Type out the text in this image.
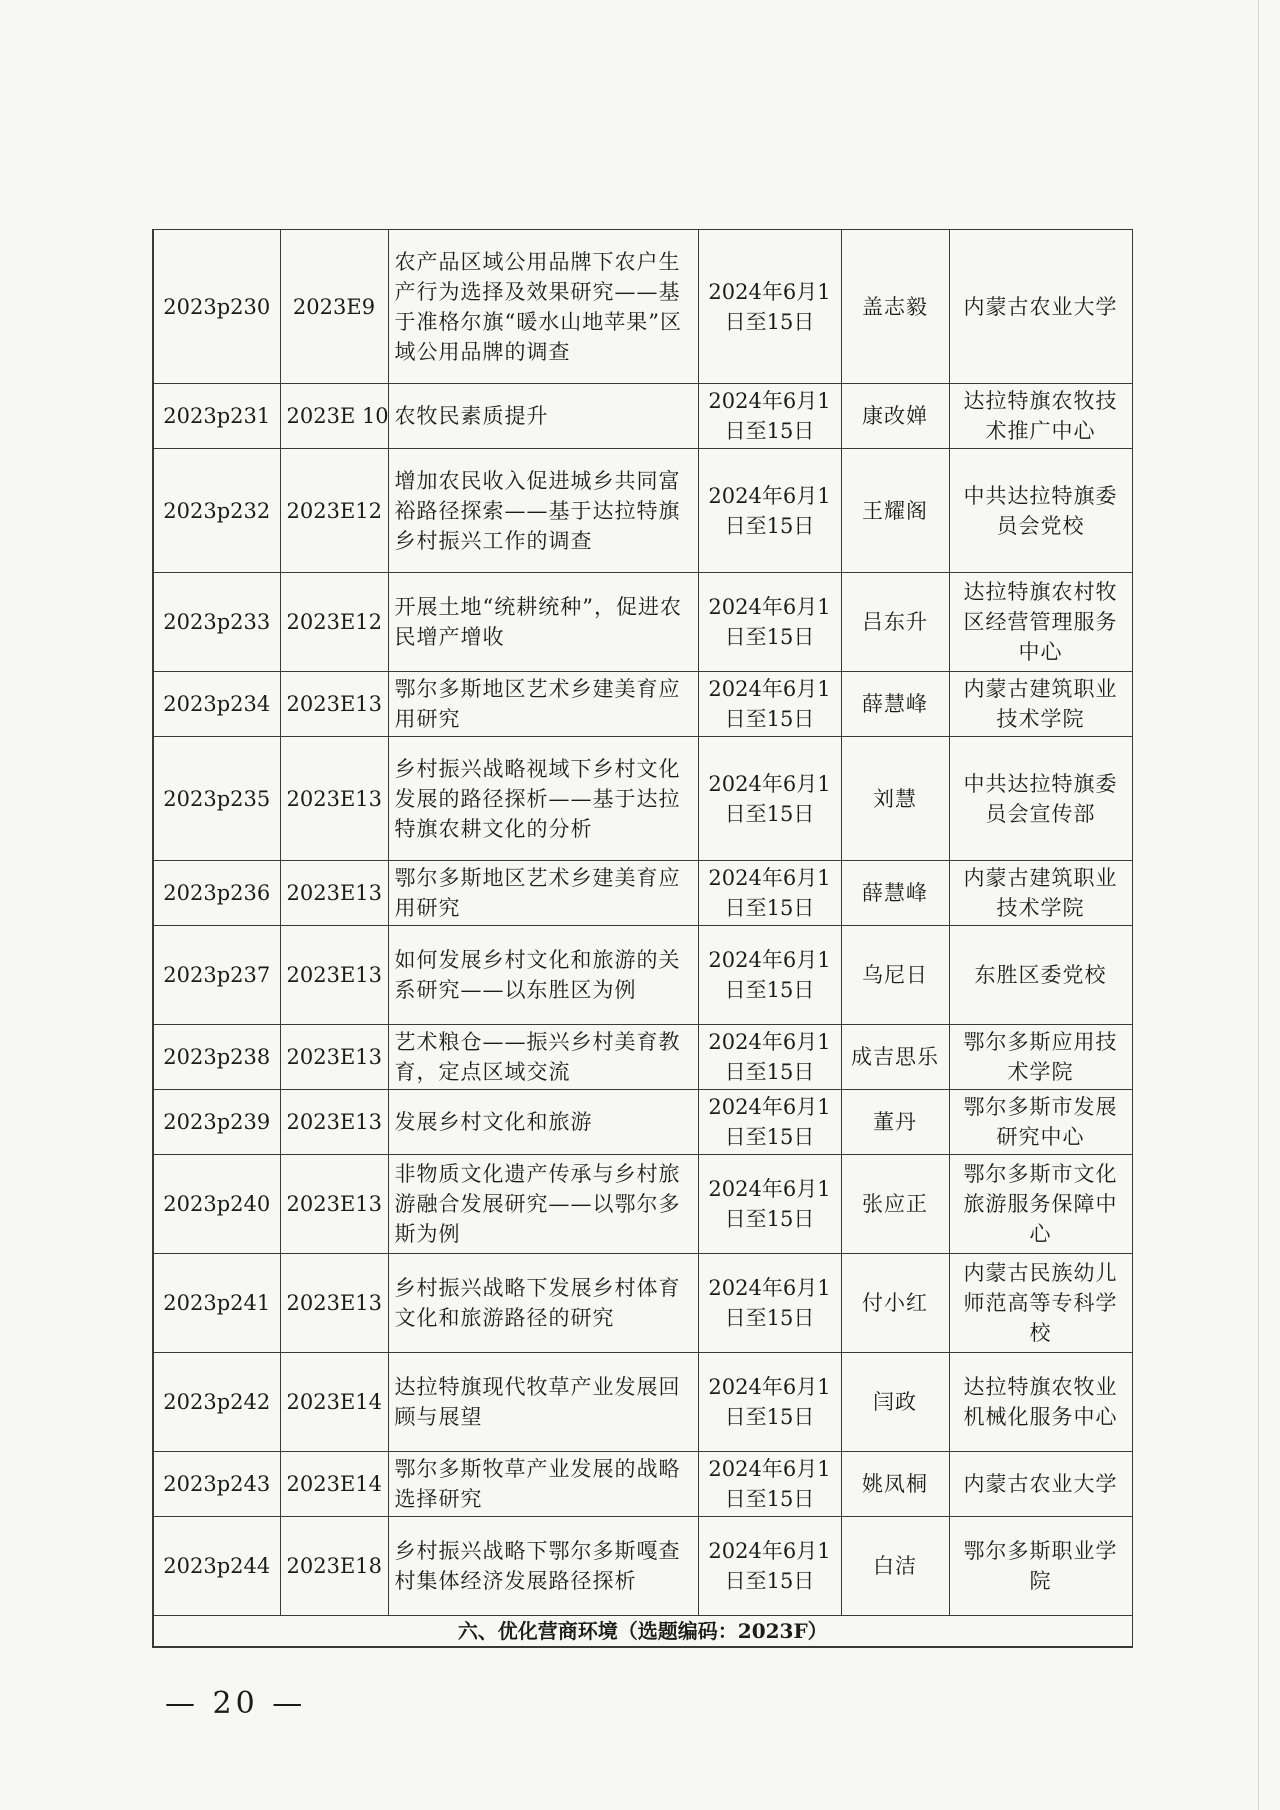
2023p230	2023E9	农产品区域公用品牌下农户生产行为选择及效果研究——基于准格尔旗“暖水山地苹果”区域公用品牌的调查	2024年6月1日至15日	盖志毅	内蒙古农业大学
2023p231	2023E 10	农牧民素质提升	2024年6月1日至15日	康改婵	达拉特旗农牧技术推广中心
2023p232	2023E12	增加农民收入促进城乡共同富裕路径探索——基于达拉特旗乡村振兴工作的调查	2024年6月1日至15日	王耀阁	中共达拉特旗委员会党校
2023p233	2023E12	开展土地“统耕统种”，促进农民增产增收	2024年6月1日至15日	吕东升	达拉特旗农村牧区经营管理服务中心
2023p234	2023E13	鄂尔多斯地区艺术乡建美育应用研究	2024年6月1日至15日	薛慧峰	内蒙古建筑职业技术学院
2023p235	2023E13	乡村振兴战略视域下乡村文化发展的路径探析——基于达拉特旗农耕文化的分析	2024年6月1日至15日	刘慧	中共达拉特旗委员会宣传部
2023p236	2023E13	鄂尔多斯地区艺术乡建美育应用研究	2024年6月1日至15日	薛慧峰	内蒙古建筑职业技术学院
2023p237	2023E13	如何发展乡村文化和旅游的关系研究——以东胜区为例	2024年6月1日至15日	乌尼日	东胜区委党校
2023p238	2023E13	艺术粮仓——振兴乡村美育教育，定点区域交流	2024年6月1日至15日	成吉思乐	鄂尔多斯应用技术学院
2023p239	2023E13	发展乡村文化和旅游	2024年6月1日至15日	董丹	鄂尔多斯市发展研究中心
2023p240	2023E13	非物质文化遗产传承与乡村旅游融合发展研究——以鄂尔多斯为例	2024年6月1日至15日	张应正	鄂尔多斯市文化旅游服务保障中心
2023p241	2023E13	乡村振兴战略下发展乡村体育文化和旅游路径的研究	2024年6月1日至15日	付小红	内蒙古民族幼儿师范高等专科学校
2023p242	2023E14	达拉特旗现代牧草产业发展回顾与展望	2024年6月1日至15日	闫政	达拉特旗农牧业机械化服务中心
2023p243	2023E14	鄂尔多斯牧草产业发展的战略选择研究	2024年6月1日至15日	姚凤桐	内蒙古农业大学
2023p244	2023E18	乡村振兴战略下鄂尔多斯嘎查村集体经济发展路径探析	2024年6月1日至15日	白洁	鄂尔多斯职业学院
六、优化营商环境（选题编码：2023F）					
— 20 —
